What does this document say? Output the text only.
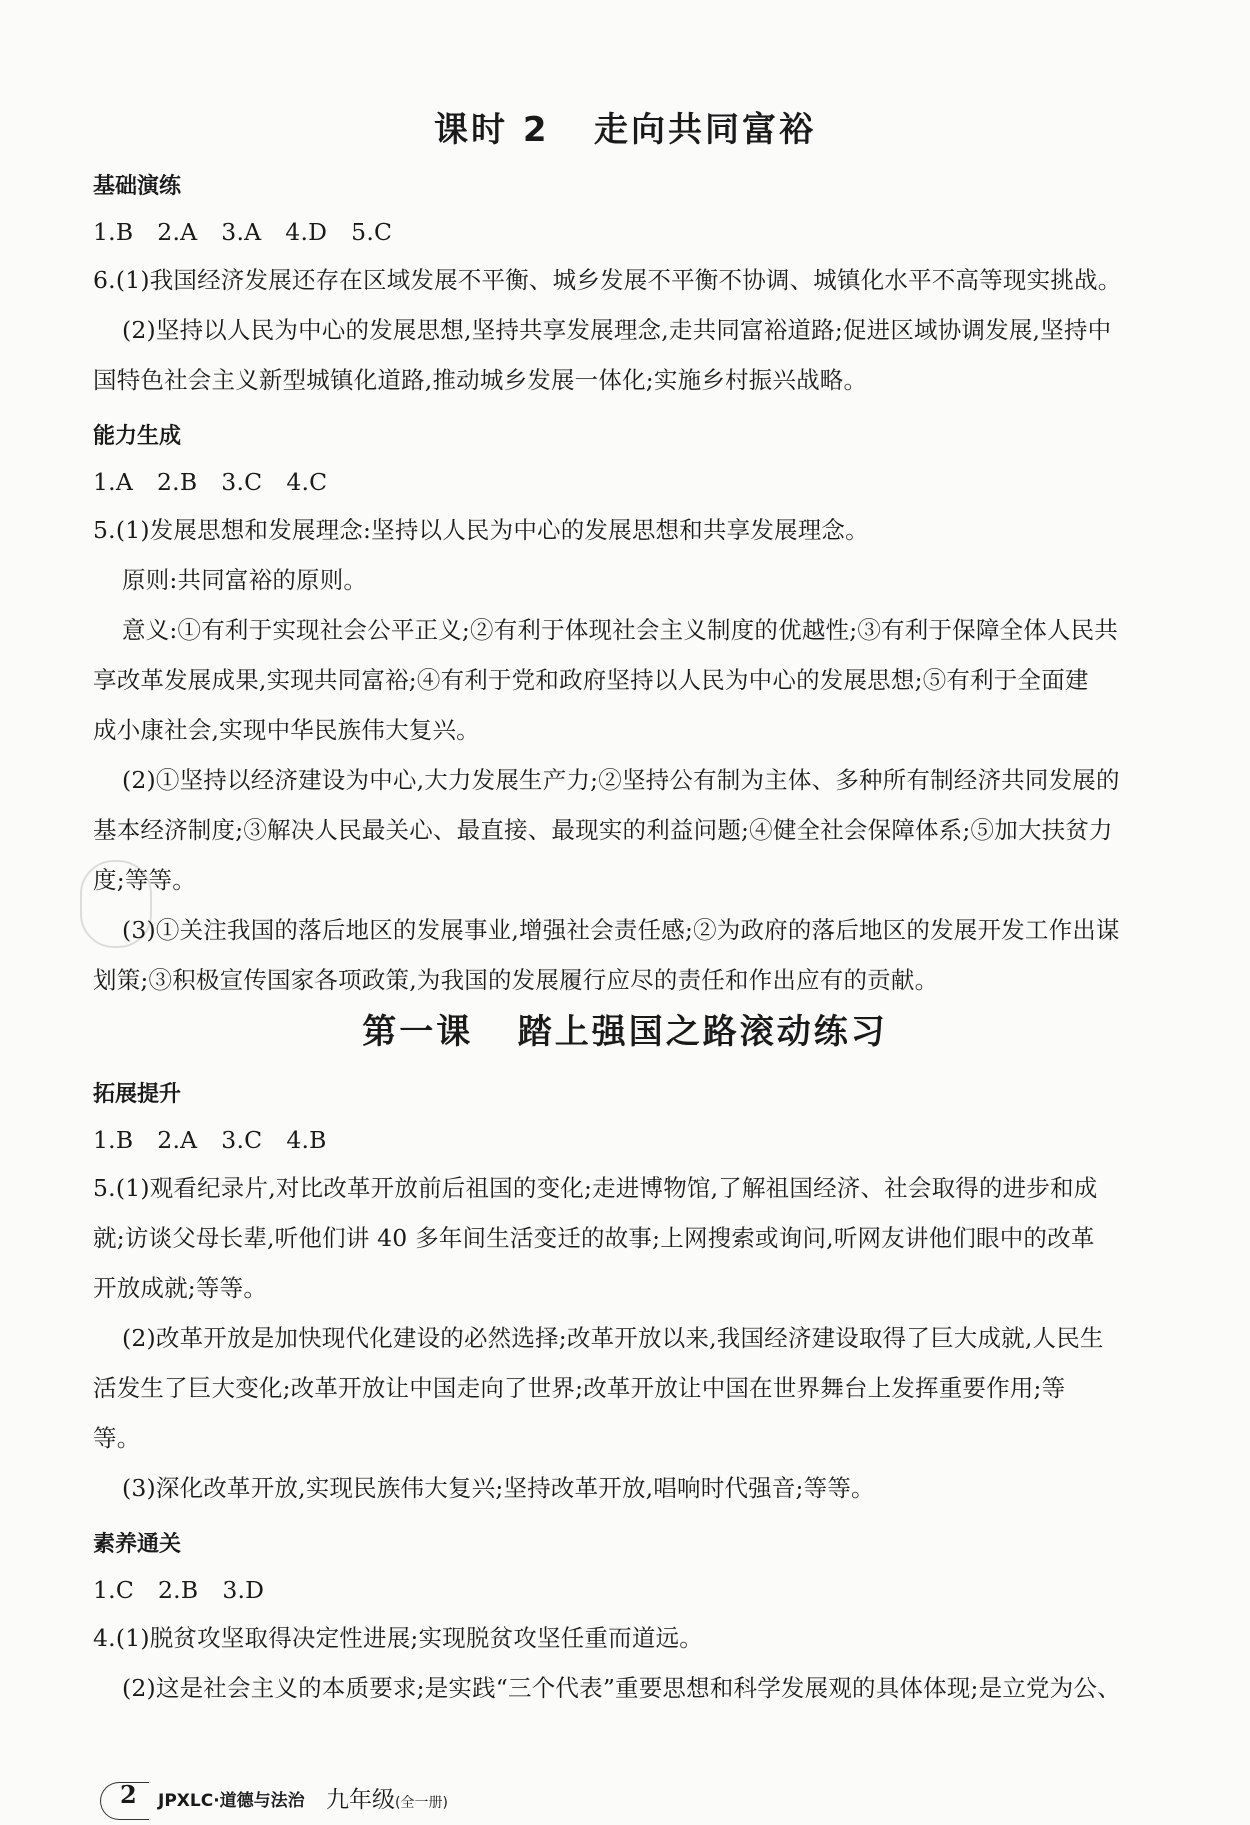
课时 2   走向共同富裕
基础演练
1.B 2.A 3.A 4.D 5.C
6.(1)我国经济发展还存在区域发展不平衡、城乡发展不平衡不协调、城镇化水平不高等现实挑战。
(2)坚持以人民为中心的发展思想,坚持共享发展理念,走共同富裕道路;促进区域协调发展,坚持中
国特色社会主义新型城镇化道路,推动城乡发展一体化;实施乡村振兴战略。
能力生成
1.A 2.B 3.C 4.C
5.(1)发展思想和发展理念:坚持以人民为中心的发展思想和共享发展理念。
原则:共同富裕的原则。
意义:①有利于实现社会公平正义;②有利于体现社会主义制度的优越性;③有利于保障全体人民共
享改革发展成果,实现共同富裕;④有利于党和政府坚持以人民为中心的发展思想;⑤有利于全面建
成小康社会,实现中华民族伟大复兴。
(2)①坚持以经济建设为中心,大力发展生产力;②坚持公有制为主体、多种所有制经济共同发展的
基本经济制度;③解决人民最关心、最直接、最现实的利益问题;④健全社会保障体系;⑤加大扶贫力
度;等等。
(3)①关注我国的落后地区的发展事业,增强社会责任感;②为政府的落后地区的发展开发工作出谋
划策;③积极宣传国家各项政策,为我国的发展履行应尽的责任和作出应有的贡献。
第一课   踏上强国之路滚动练习
拓展提升
1.B 2.A 3.C 4.B
5.(1)观看纪录片,对比改革开放前后祖国的变化;走进博物馆,了解祖国经济、社会取得的进步和成
就;访谈父母长辈,听他们讲 40 多年间生活变迁的故事;上网搜索或询问,听网友讲他们眼中的改革
开放成就;等等。
(2)改革开放是加快现代化建设的必然选择;改革开放以来,我国经济建设取得了巨大成就,人民生
活发生了巨大变化;改革开放让中国走向了世界;改革开放让中国在世界舞台上发挥重要作用;等
等。
(3)深化改革开放,实现民族伟大复兴;坚持改革开放,唱响时代强音;等等。
素养通关
1.C 2.B 3.D
4.(1)脱贫攻坚取得决定性进展;实现脱贫攻坚任重而道远。
(2)这是社会主义的本质要求;是实践“三个代表”重要思想和科学发展观的具体体现;是立党为公、
2 JPXLC·道德与法治 九年级(全一册)
